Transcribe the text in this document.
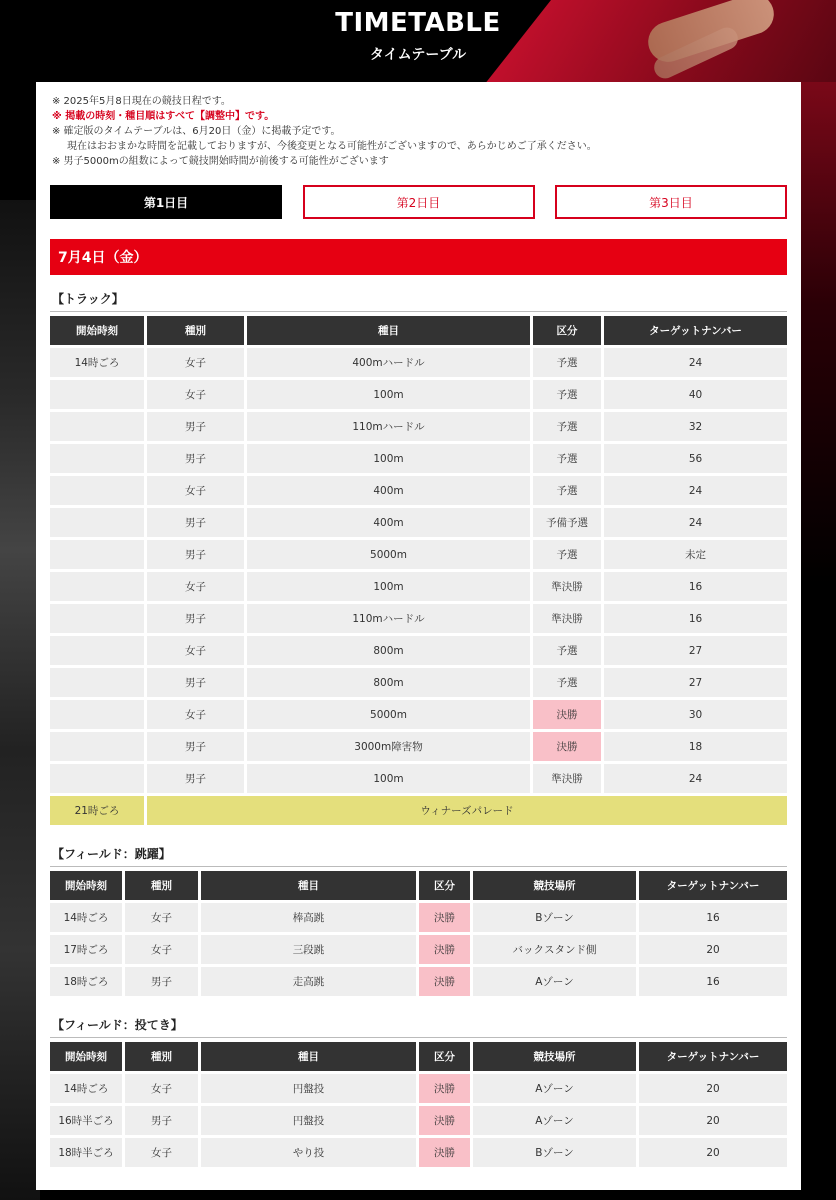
TIMETABLE
タイムテーブル
※ 2025年5月8日現在の競技日程です。
※ 掲載の時刻・種目順はすべて【調整中】です。
※ 確定版のタイムテーブルは、6月20日（金）に掲載予定です。
現在はおおまかな時間を記載しておりますが、今後変更となる可能性がございますので、あらかじめご了承ください。
※ 男子5000mの組数によって競技開始時間が前後する可能性がございます
第1日目	第2日目	第3日目
7月4日（金）
【トラック】
開始時刻	種別	種目	区分	ターゲットナンバー
14時ごろ	女子	400mハードル	予選	24
	女子	100m	予選	40
	男子	110mハードル	予選	32
	男子	100m	予選	56
	女子	400m	予選	24
	男子	400m	予備予選	24
	男子	5000m	予選	未定
	女子	100m	準決勝	16
	男子	110mハードル	準決勝	16
	女子	800m	予選	27
	男子	800m	予選	27
	女子	5000m	決勝	30
	男子	3000m障害物	決勝	18
	男子	100m	準決勝	24
21時ごろ	ウィナーズパレード			
【フィールド：跳躍】
開始時刻	種別	種目	区分	競技場所	ターゲットナンバー
14時ごろ	女子	棒高跳	決勝	Bゾーン	16
17時ごろ	女子	三段跳	決勝	バックスタンド側	20
18時ごろ	男子	走高跳	決勝	Aゾーン	16
【フィールド：投てき】
開始時刻	種別	種目	区分	競技場所	ターゲットナンバー
14時ごろ	女子	円盤投	決勝	Aゾーン	20
16時半ごろ	男子	円盤投	決勝	Aゾーン	20
18時半ごろ	女子	やり投	決勝	Bゾーン	20
